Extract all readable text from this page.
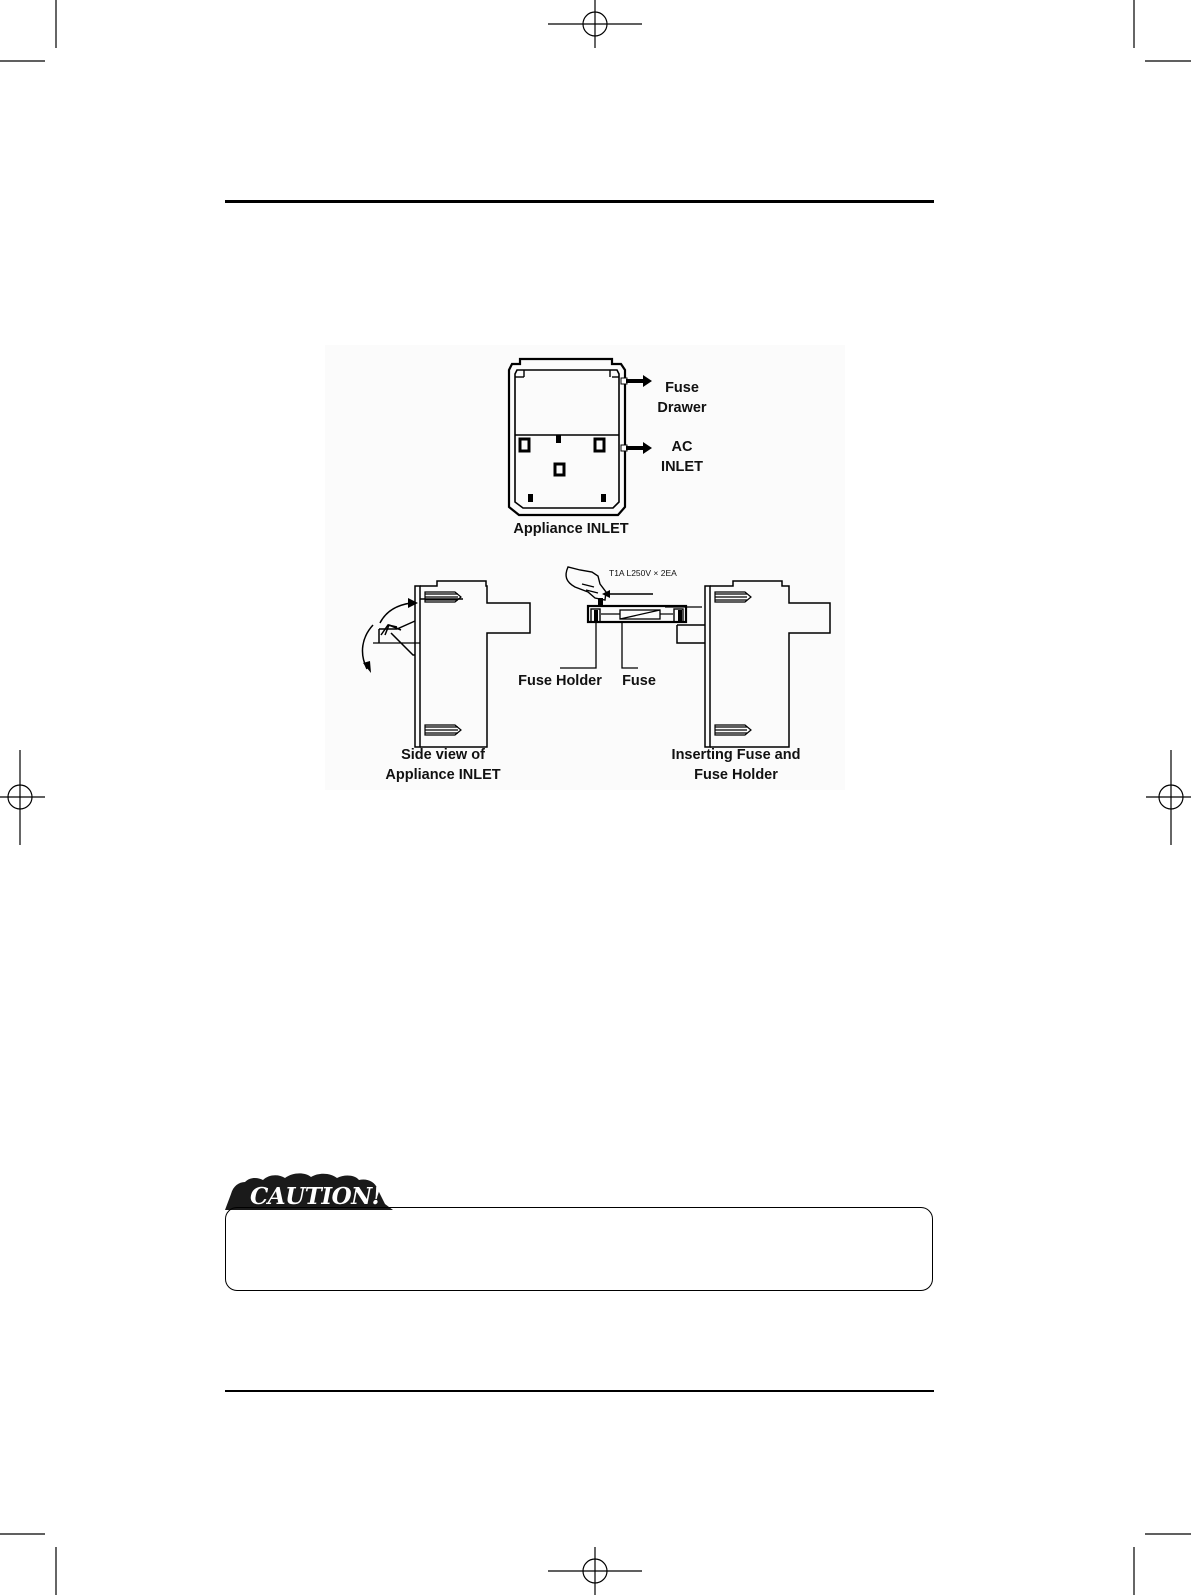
Fuse
Drawer
AC
INLET
Appliance INLET
Side view of
Appliance INLET
T1A L250V × 2EA
Fuse Holder Fuse
Inserting Fuse and
Fuse Holder
CAUTION!
